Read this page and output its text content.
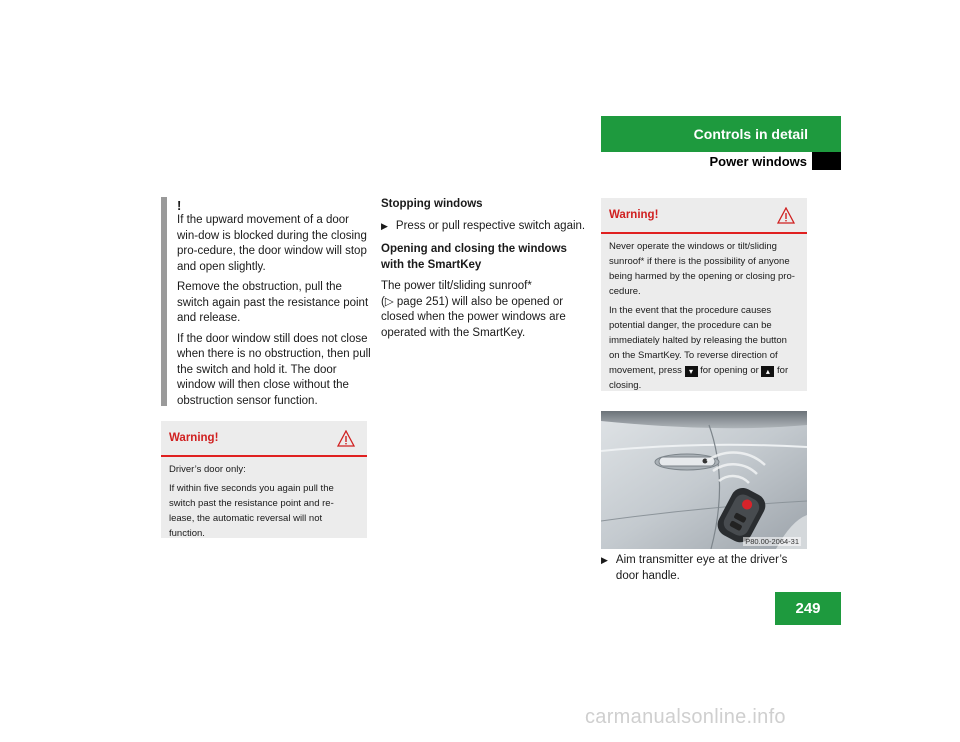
Controls in detail
Power windows

!

If the upward movement of a door win-dow is blocked during the closing pro-cedure, the door window will stop and open slightly.

Remove the obstruction, pull the switch again past the resistance point and release.

If the door window still does not close when there is no obstruction, then pull the switch and hold it. The door window will then close without the obstruction sensor function.

Warning!

Driver’s door only:

If within five seconds you again pull the switch past the resistance point and re-lease, the automatic reversal will not function.

Stopping windows

▶ Press or pull respective switch again.

Opening and closing the windows with the SmartKey

The power tilt/sliding sunroof*
(▷ page 251) will also be opened or closed when the power windows are operated with the SmartKey.

Warning!

Never operate the windows or tilt/sliding sunroof* if there is the possibility of anyone being harmed by the opening or closing pro-cedure.

In the event that the procedure causes potential danger, the procedure can be immediately halted by releasing the button on the SmartKey. To reverse direction of movement, press ▾ for opening or ▴ for closing.

P80.00-2064-31
▶ Aim transmitter eye at the driver’s door handle.
249
carmanualsonline.info
